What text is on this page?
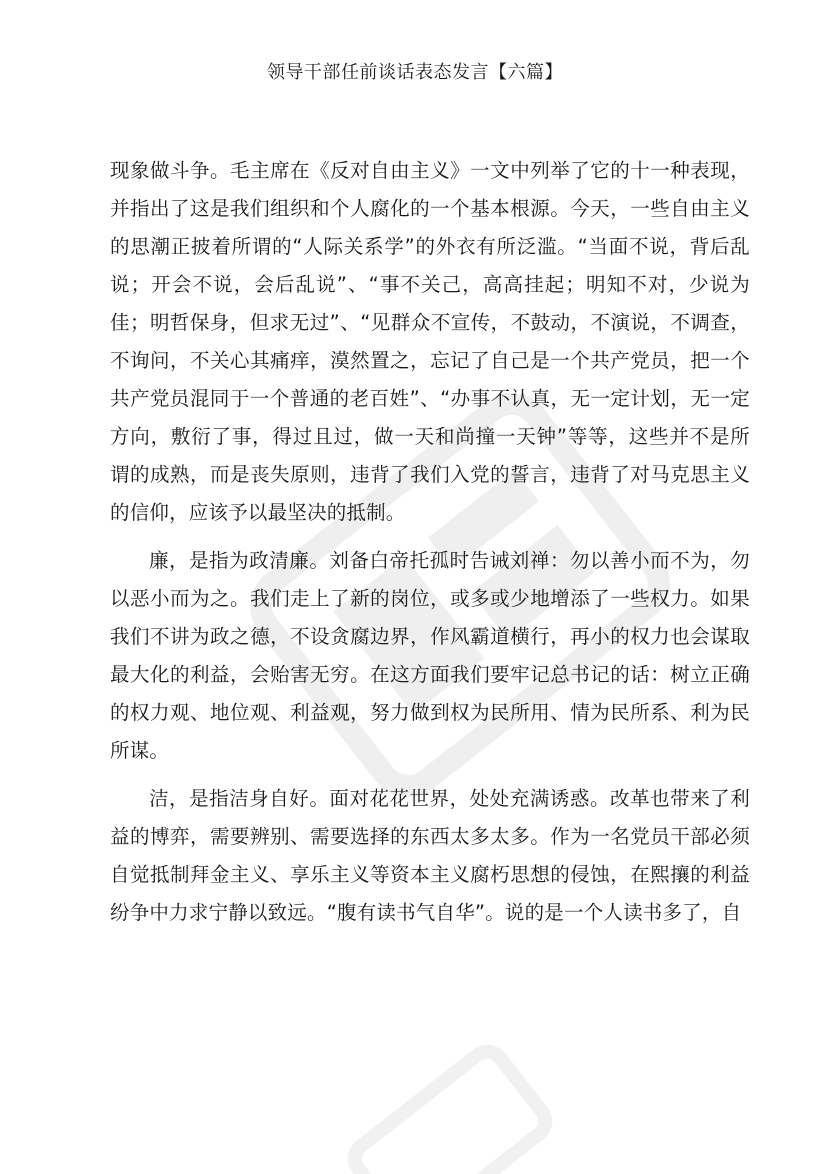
领导干部任前谈话表态发言【六篇】

现象做斗争。毛主席在《反对自由主义》一文中列举了它的十一种表现，并指出了这是我们组织和个人腐化的一个基本根源。今天，一些自由主义的思潮正披着所谓的“人际关系学”的外衣有所泛滥。“当面不说，背后乱说；开会不说，会后乱说”、“事不关己，高高挂起；明知不对，少说为佳；明哲保身，但求无过”、“见群众不宣传，不鼓动，不演说，不调查，不询问，不关心其痛痒，漠然置之，忘记了自己是一个共产党员，把一个共产党员混同于一个普通的老百姓”、“办事不认真，无一定计划，无一定方向，敷衍了事，得过且过，做一天和尚撞一天钟”等等，这些并不是所谓的成熟，而是丧失原则，违背了我们入党的誓言，违背了对马克思主义的信仰，应该予以最坚决的抵制。

廉，是指为政清廉。刘备白帝托孤时告诫刘禅：勿以善小而不为，勿以恶小而为之。我们走上了新的岗位，或多或少地增添了一些权力。如果我们不讲为政之德，不设贪腐边界，作风霸道横行，再小的权力也会谋取最大化的利益，会贻害无穷。在这方面我们要牢记总书记的话：树立正确的权力观、地位观、利益观，努力做到权为民所用、情为民所系、利为民所谋。

洁，是指洁身自好。面对花花世界，处处充满诱惑。改革也带来了利益的博弈，需要辨别、需要选择的东西太多太多。作为一名党员干部必须自觉抵制拜金主义、享乐主义等资本主义腐朽思想的侵蚀，在熙攘的利益纷争中力求宁静以致远。“腹有读书气自华”。说的是一个人读书多了，自
